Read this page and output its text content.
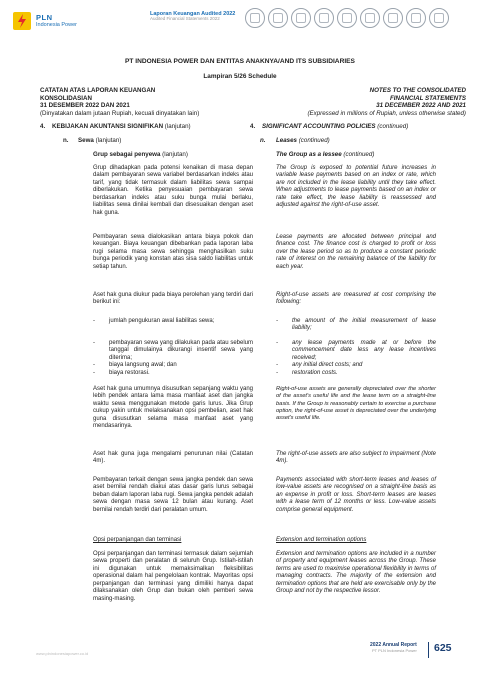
PLN
Indonesia Power
Laporan Keuangan Audited 2022
Audited Financial Statements 2022
PT INDONESIA POWER DAN ENTITAS ANAKNYA/AND ITS SUBSIDIARIES
Lampiran 5/26 Schedule
CATATAN ATAS LAPORAN KEUANGAN
KONSOLIDASIAN
31 DESEMBER 2022 DAN 2021
(Dinyatakan dalam jutaan Rupiah, kecuali dinyatakan lain)
NOTES TO THE CONSOLIDATED
FINANCIAL STATEMENTS
31 DECEMBER 2022 AND 2021
(Expressed in millions of Rupiah, unless otherwise stated)
4. KEBIJAKAN AKUNTANSI SIGNIFIKAN (lanjutan)	4. SIGNIFICANT ACCOUNTING POLICIES (continued)
n. Sewa (lanjutan)	n. Leases (continued)
Grup sebagai penyewa (lanjutan)	The Group as a lessee (continued)
Grup dihadapkan pada potensi kenaikan di masa depan dalam pembayaran sewa variabel berdasarkan indeks atau tarif, yang tidak termasuk dalam liabilitas sewa sampai diberlakukan. Ketika penyesuaian pembayaran sewa berdasarkan indeks atau suku bunga mulai berlaku, liabilitas sewa dinilai kembali dan disesuaikan dengan aset hak guna.
Pembayaran sewa dialokasikan antara biaya pokok dan keuangan. Biaya keuangan dibebankan pada laporan laba rugi selama masa sewa sehingga menghasilkan suku bunga periodik yang konstan atas sisa saldo liabilitas untuk setiap tahun.
Aset hak guna diukur pada biaya perolehan yang terdiri dari berikut ini:
- jumlah pengukuran awal liabilitas sewa;
- pembayaran sewa yang dilakukan pada atau sebelum tanggal dimulainya dikurangi insentif sewa yang diterima;
- biaya langsung awal; dan
- biaya restorasi.
Aset hak guna umumnya disusutkan sepanjang waktu yang lebih pendek antara lama masa manfaat aset dan jangka waktu sewa menggunakan metode garis lurus. Jika Grup cukup yakin untuk melaksanakan opsi pembelian, aset hak guna disusutkan selama masa manfaat aset yang mendasarinya.
Aset hak guna juga mengalami penurunan nilai (Catatan 4m).
Pembayaran terkait dengan sewa jangka pendek dan sewa aset bernilai rendah diakui atas dasar garis lurus sebagai beban dalam laporan laba rugi. Sewa jangka pendek adalah sewa dengan masa sewa 12 bulan atau kurang. Aset bernilai rendah terdiri dari peralatan umum.
Opsi perpanjangan dan terminasi
Opsi perpanjangan dan terminasi termasuk dalam sejumlah sewa properti dan peralatan di seluruh Grup. Istilah-istilah ini digunakan untuk memaksimalkan fleksibilitas operasional dalam hal pengelolaan kontrak. Mayoritas opsi perpanjangan dan terminasi yang dimiliki hanya dapat dilaksanakan oleh Grup dan bukan oleh pemberi sewa masing-masing.
The Group is exposed to potential future increases in variable lease payments based on an index or rate, which are not included in the lease liability until they take effect. When adjustments to lease payments based on an index or rate take effect, the lease liability is reassessed and adjusted against the right-of-use asset.
Lease payments are allocated between principal and finance cost. The finance cost is charged to profit or loss over the lease period so as to produce a constant periodic rate of interest on the remaining balance of the liability for each year.
Right-of-use assets are measured at cost comprising the following:
- the amount of the initial measurement of lease liability;
- any lease payments made at or before the commencement date less any lease incentives received;
- any initial direct costs; and
- restoration costs.
Right-of-use assets are generally depreciated over the shorter of the asset's useful life and the lease term on a straight-line basis. If the Group is reasonably certain to exercise a purchase option, the right-of-use asset is depreciated over the underlying asset's useful life.
The right-of-use assets are also subject to impairment (Note 4m).
Payments associated with short-term leases and leases of low-value assets are recognised on a straight-line basis as an expense in profit or loss. Short-term leases are leases with a lease term of 12 months or less. Low-value assets comprise general equipment.
Extension and termination options
Extension and termination options are included in a number of property and equipment leases across the Group. These terms are used to maximise operational flexibility in terms of managing contracts. The majority of the extension and termination options that are held are exercisable only by the Group and not by the respective lessor.
www.plnindonesiapower.co.id
2022 Annual Report
PT PLN Indonesia Power 625
